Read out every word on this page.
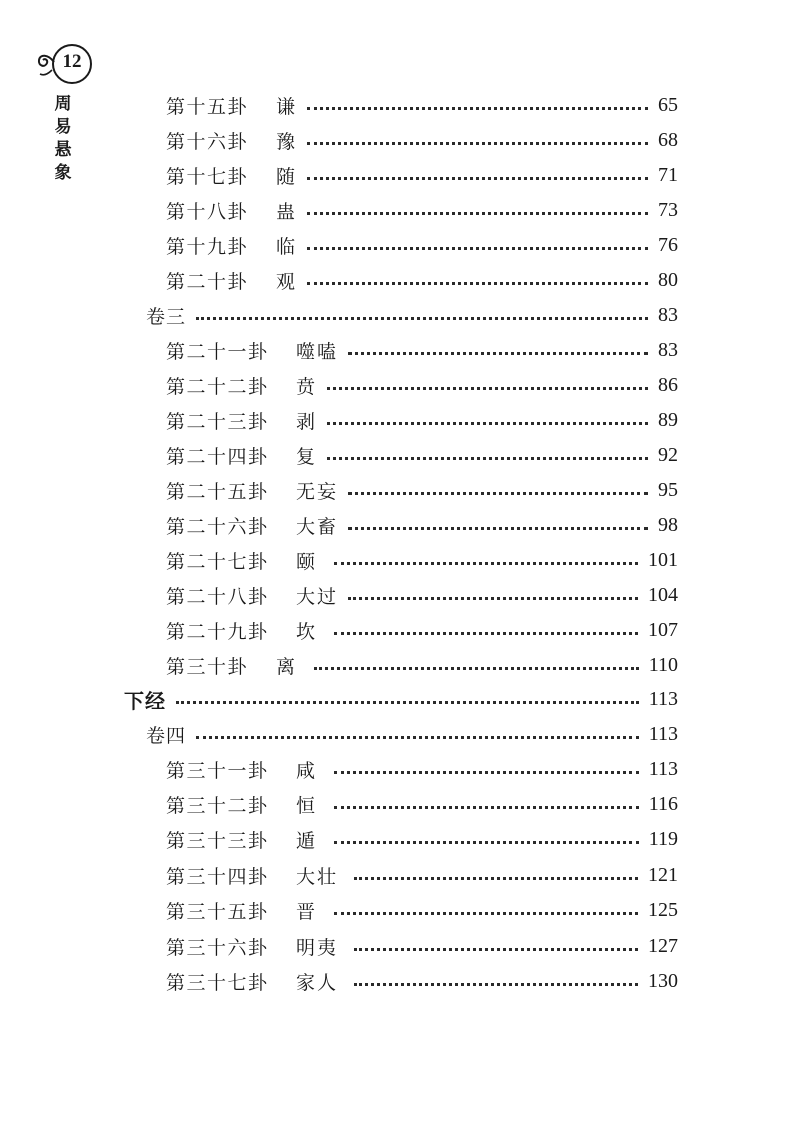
12
周
易
悬
象
第十五卦	谦	65
第十六卦	豫	68
第十七卦	随	71
第十八卦	蛊	73
第十九卦	临	76
第二十卦	观	80
卷三	83
第二十一卦	噬嗑	83
第二十二卦	贲	86
第二十三卦	剥	89
第二十四卦	复	92
第二十五卦	无妄	95
第二十六卦	大畜	98
第二十七卦	颐	101
第二十八卦	大过	104
第二十九卦	坎	107
第三十卦	离	110
下经	113
卷四	113
第三十一卦	咸	113
第三十二卦	恒	116
第三十三卦	遁	119
第三十四卦	大壮	121
第三十五卦	晋	125
第三十六卦	明夷	127
第三十七卦	家人	130
